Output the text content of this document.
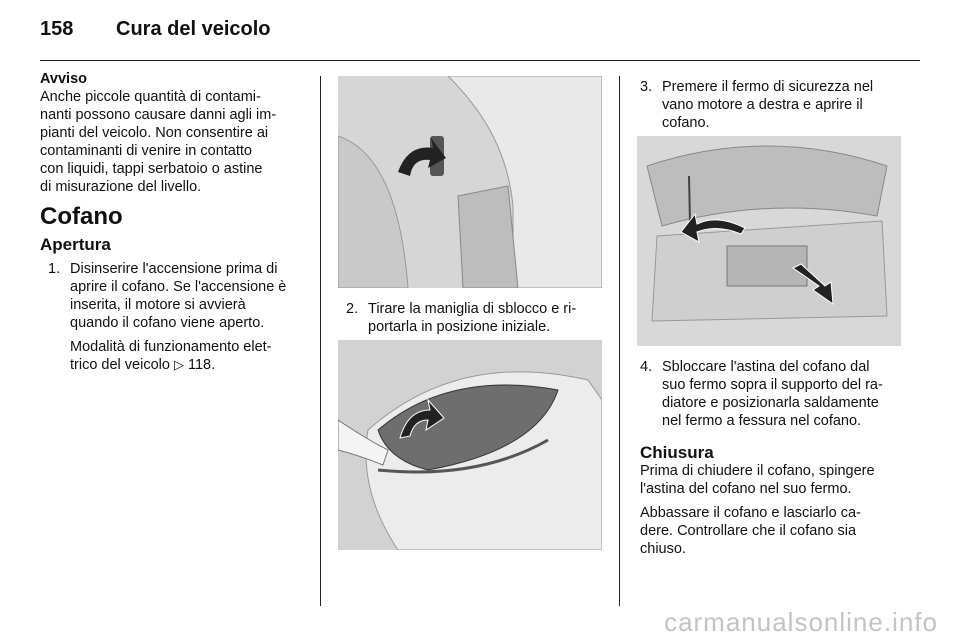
158 Cura del veicolo

Avviso

Anche piccole quantità di contami-

nanti possono causare danni agli im-

pianti del veicolo. Non consentire ai

contaminanti di venire in contatto

con liquidi, tappi serbatoio o astine

di misurazione del livello.

Cofano
Apertura
1. Disinserire l'accensione prima di

aprire il cofano. Se l'accensione è

inserita, il motore si avvierà

quando il cofano viene aperto.

Modalità di funzionamento elet-

trico del veicolo ▷ 118.

2. Tirare la maniglia di sblocco e ri-

portarla in posizione iniziale.

3. Premere il fermo di sicurezza nel

vano motore a destra e aprire il

cofano.

4. Sbloccare l'astina del cofano dal

suo fermo sopra il supporto del ra-

diatore e posizionarla saldamente

nel fermo a fessura nel cofano.

Chiusura

Prima di chiudere il cofano, spingere

l'astina del cofano nel suo fermo.

Abbassare il cofano e lasciarlo ca-

dere. Controllare che il cofano sia

chiuso.

carmanualsonline.info
